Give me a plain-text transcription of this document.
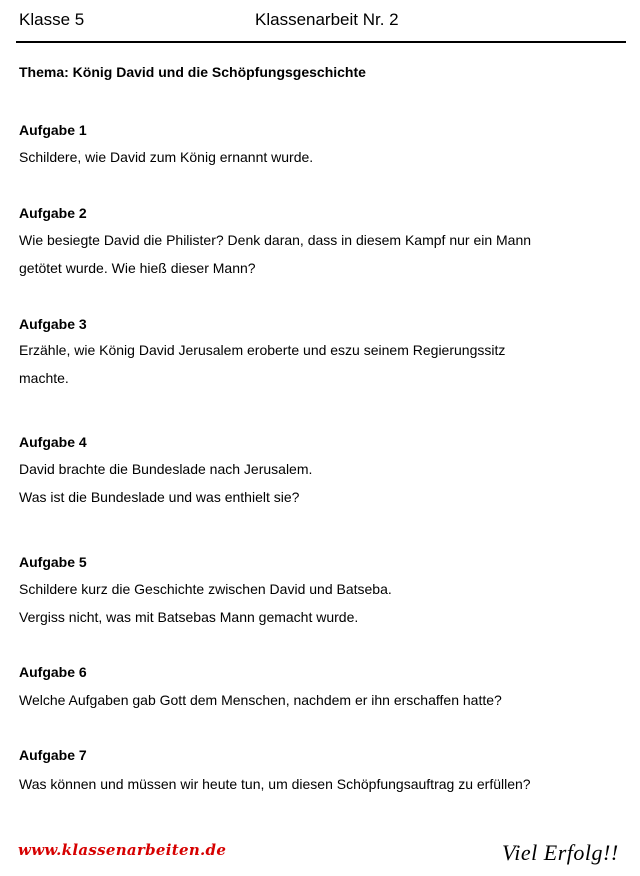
Klasse 5	Klassenarbeit Nr. 2
Thema: König David und die Schöpfungsgeschichte
Aufgabe 1
Schildere, wie David zum König ernannt wurde.
Aufgabe 2
Wie besiegte David die Philister? Denk daran, dass in diesem Kampf nur ein Mann
getötet wurde. Wie hieß dieser Mann?
Aufgabe 3
Erzähle, wie König David Jerusalem eroberte und eszu seinem Regierungssitz
machte.
Aufgabe 4
David brachte die Bundeslade nach Jerusalem.
Was ist die Bundeslade und was enthielt sie?
Aufgabe 5
Schildere kurz die Geschichte zwischen David und Batseba.
Vergiss nicht, was mit Batsebas Mann gemacht wurde.
Aufgabe 6
Welche Aufgaben gab Gott dem Menschen, nachdem er ihn erschaffen hatte?
Aufgabe 7
Was können und müssen wir heute tun, um diesen Schöpfungsauftrag zu erfüllen?
www.klassenarbeiten.de	Viel Erfolg!!
